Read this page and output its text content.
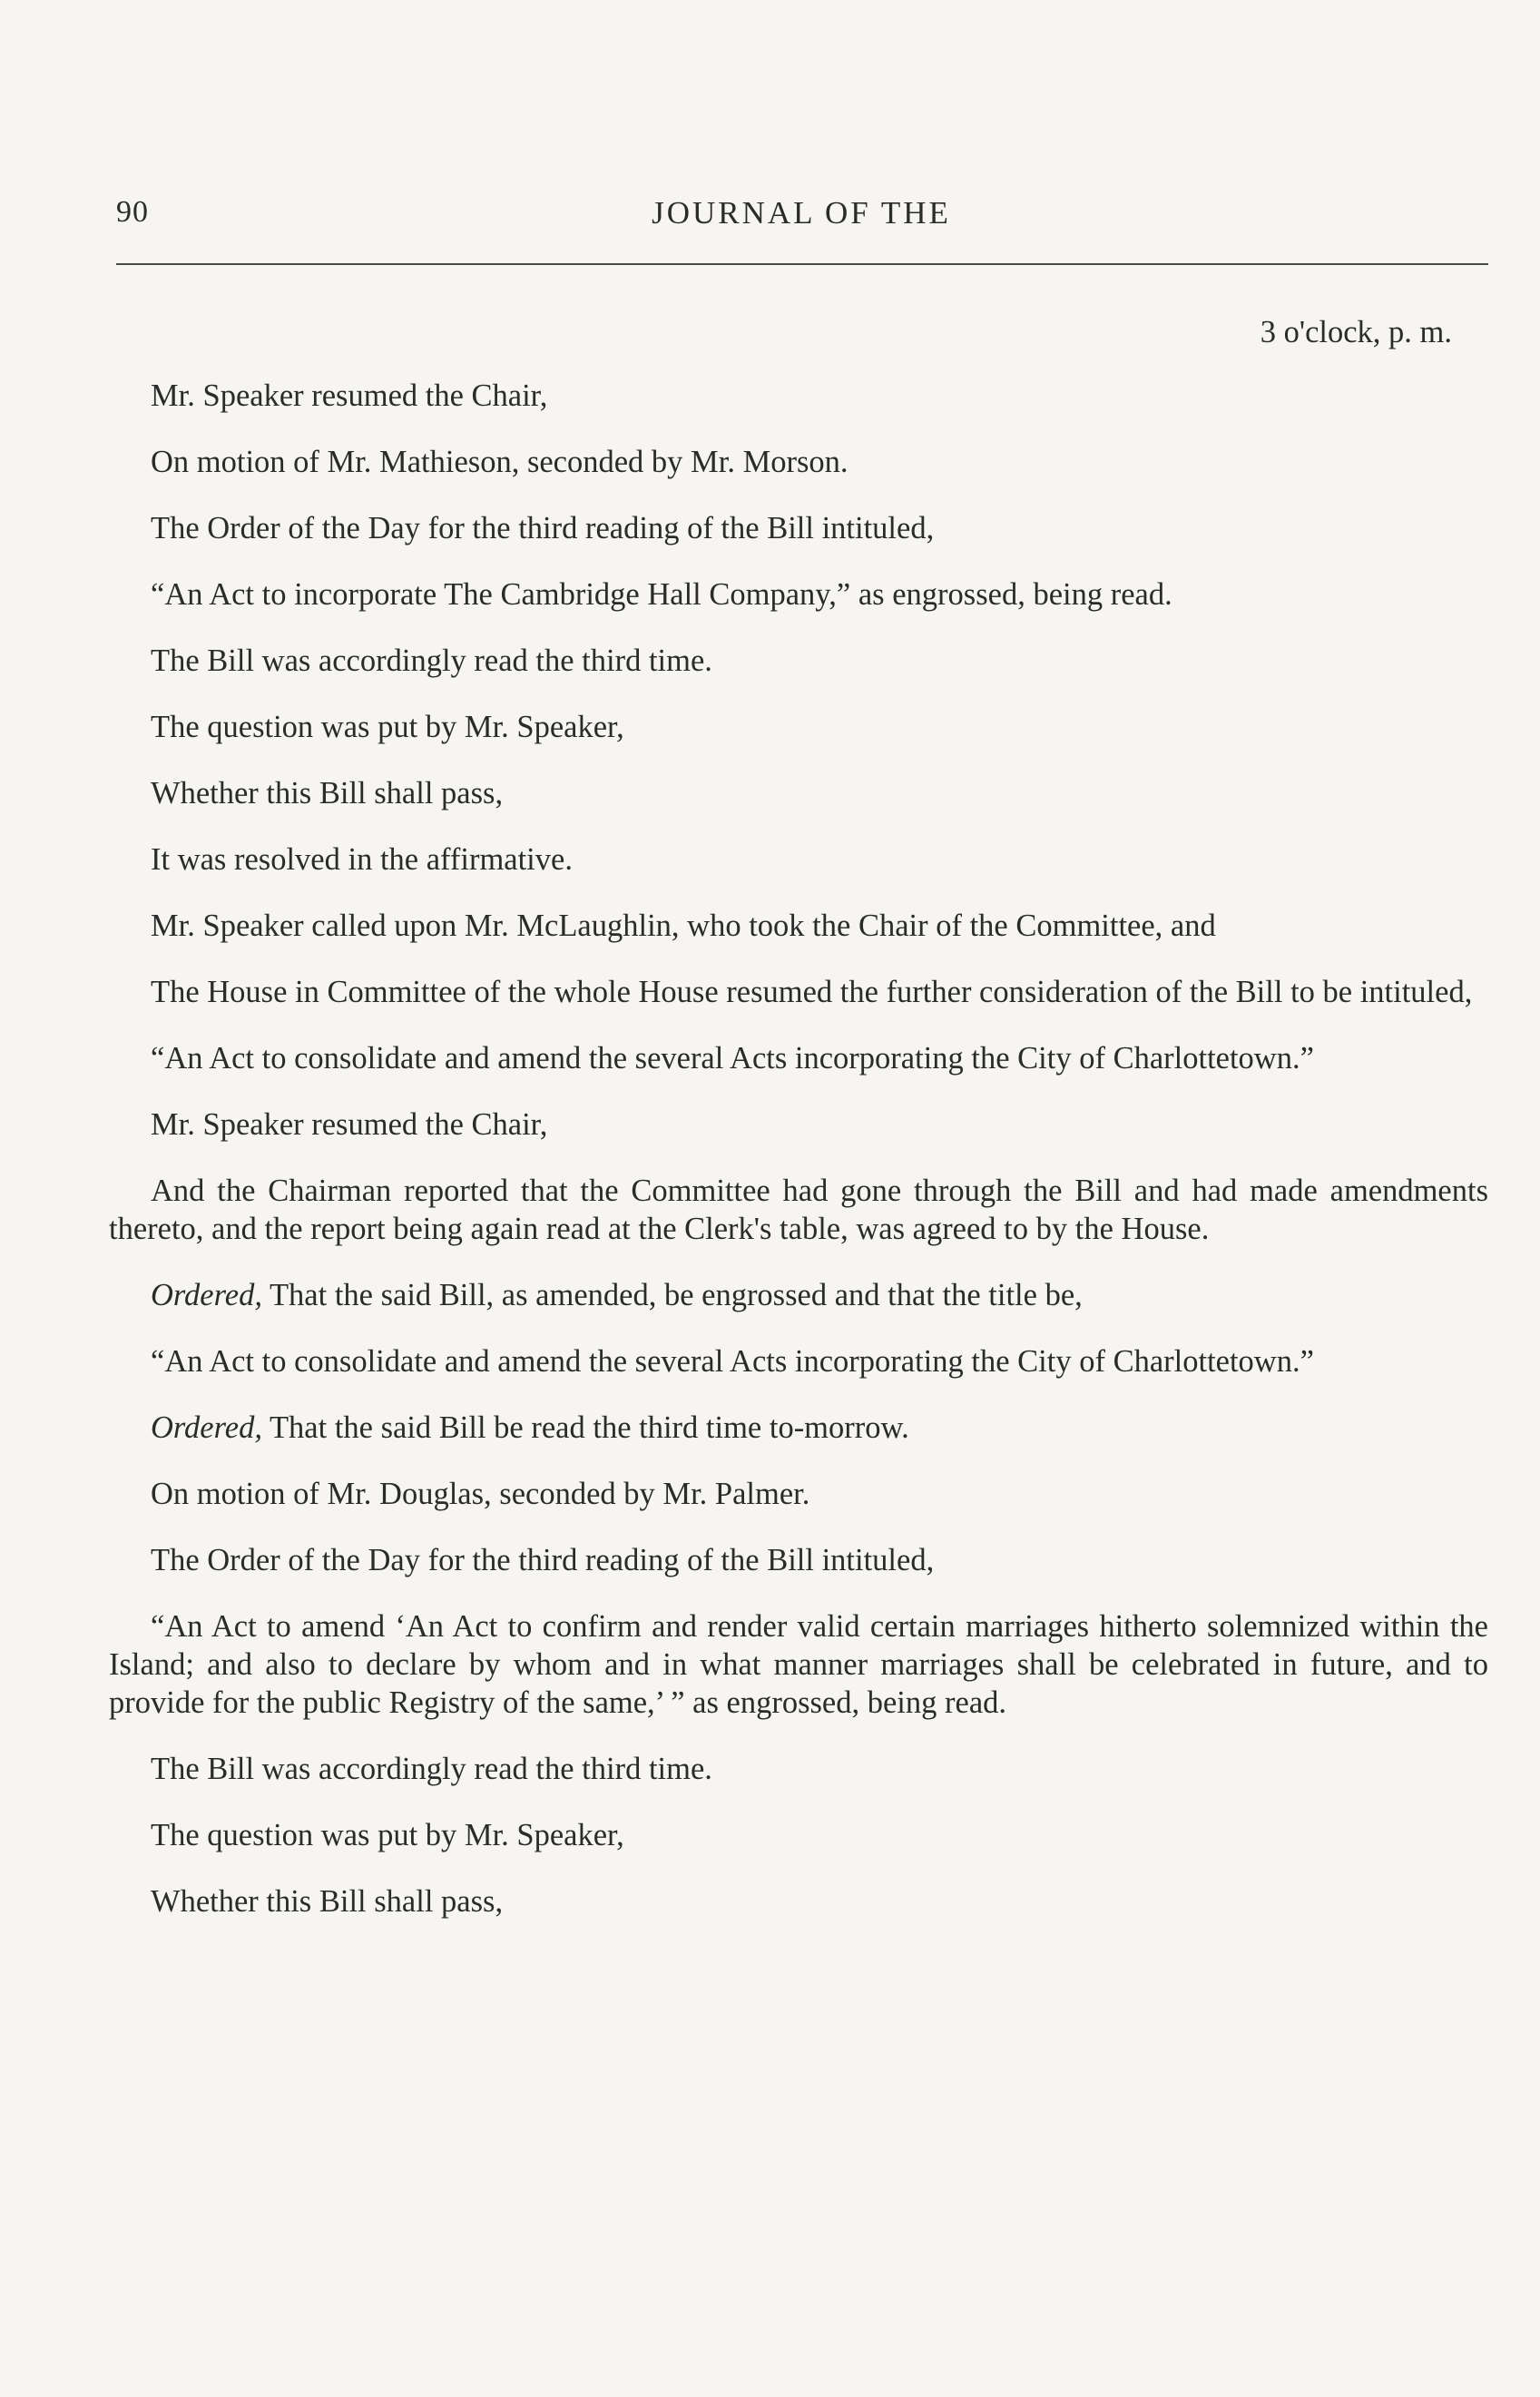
90	JOURNAL OF THE
3 o'clock, p. m.

Mr. Speaker resumed the Chair,

On motion of Mr. Mathieson, seconded by Mr. Morson.

The Order of the Day for the third reading of the Bill intituled,

“An Act to incorporate The Cambridge Hall Company,” as engrossed, being read.

The Bill was accordingly read the third time.

The question was put by Mr. Speaker,

Whether this Bill shall pass,

It was resolved in the affirmative.

Mr. Speaker called upon Mr. McLaughlin, who took the Chair of the Committee, and

The House in Committee of the whole House resumed the further consideration of the Bill to be intituled,

“An Act to consolidate and amend the several Acts incorporating the City of Charlottetown.”

Mr. Speaker resumed the Chair,

And the Chairman reported that the Committee had gone through the Bill and had made amendments thereto, and the report being again read at the Clerk's table, was agreed to by the House.

Ordered, That the said Bill, as amended, be engrossed and that the title be,

“An Act to consolidate and amend the several Acts incorporating the City of Charlottetown.”

Ordered, That the said Bill be read the third time to-morrow.

On motion of Mr. Douglas, seconded by Mr. Palmer.

The Order of the Day for the third reading of the Bill intituled,

“An Act to amend ‘An Act to confirm and render valid certain marriages hitherto solemnized within the Island; and also to declare by whom and in what manner marriages shall be celebrated in future, and to provide for the public Registry of the same,’ ” as engrossed, being read.

The Bill was accordingly read the third time.

The question was put by Mr. Speaker,

Whether this Bill shall pass,
